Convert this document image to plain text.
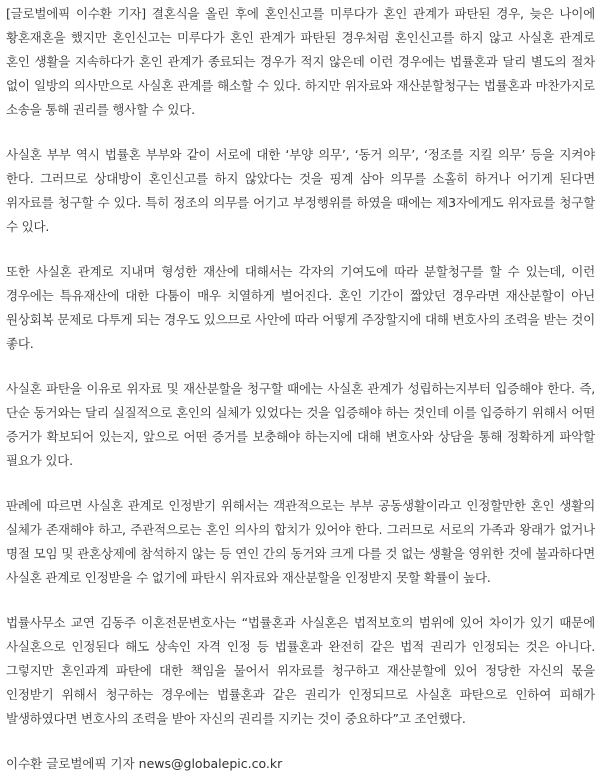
[글로벌에픽 이수환 기자] 결혼식을 올린 후에 혼인신고를 미루다가 혼인 관계가 파탄된 경우, 늦은 나이에 황혼재혼을 했지만 혼인신고는 미루다가 혼인 관계가 파탄된 경우처럼 혼인신고를 하지 않고 사실혼 관계로 혼인 생활을 지속하다가 혼인 관계가 종료되는 경우가 적지 않은데 이런 경우에는 법률혼과 달리 별도의 절차 없이 일방의 의사만으로 사실혼 관계를 해소할 수 있다. 하지만 위자료와 재산분할청구는 법률혼과 마찬가지로 소송을 통해 권리를 행사할 수 있다.

사실혼 부부 역시 법률혼 부부와 같이 서로에 대한 ‘부양 의무’, ‘동거 의무’, ‘정조를 지킬 의무’ 등을 지켜야 한다. 그러므로 상대방이 혼인신고를 하지 않았다는 것을 핑계 삼아 의무를 소홀히 하거나 어기게 된다면 위자료를 청구할 수 있다. 특히 정조의 의무를 어기고 부정행위를 하였을 때에는 제3자에게도 위자료를 청구할 수 있다.

또한 사실혼 관계로 지내며 형성한 재산에 대해서는 각자의 기여도에 따라 분할청구를 할 수 있는데, 이런 경우에는 특유재산에 대한 다툼이 매우 치열하게 벌어진다. 혼인 기간이 짧았던 경우라면 재산분할이 아닌 원상회복 문제로 다투게 되는 경우도 있으므로 사안에 따라 어떻게 주장할지에 대해 변호사의 조력을 받는 것이 좋다.

사실혼 파탄을 이유로 위자료 및 재산분할을 청구할 때에는 사실혼 관계가 성립하는지부터 입증해야 한다. 즉, 단순 동거와는 달리 실질적으로 혼인의 실체가 있었다는 것을 입증해야 하는 것인데 이를 입증하기 위해서 어떤 증거가 확보되어 있는지, 앞으로 어떤 증거를 보충해야 하는지에 대해 변호사와 상담을 통해 정확하게 파악할 필요가 있다.

판례에 따르면 사실혼 관계로 인정받기 위해서는 객관적으로는 부부 공동생활이라고 인정할만한 혼인 생활의 실체가 존재해야 하고, 주관적으로는 혼인 의사의 합치가 있어야 한다. 그러므로 서로의 가족과 왕래가 없거나 명절 모임 및 관혼상제에 참석하지 않는 등 연인 간의 동거와 크게 다를 것 없는 생활을 영위한 것에 불과하다면 사실혼 관계로 인정받을 수 없기에 파탄시 위자료와 재산분할을 인정받지 못할 확률이 높다.

법률사무소 교연 김동주 이혼전문변호사는 “법률혼과 사실혼은 법적보호의 범위에 있어 차이가 있기 때문에 사실혼으로 인정된다 해도 상속인 자격 인정 등 법률혼과 완전히 같은 법적 권리가 인정되는 것은 아니다. 그렇지만 혼인과계 파탄에 대한 책임을 물어서 위자료를 청구하고 재산분할에 있어 정당한 자신의 몫을 인정받기 위해서 청구하는 경우에는 법률혼과 같은 권리가 인정되므로 사실혼 파탄으로 인하여 피해가 발생하였다면 변호사의 조력을 받아 자신의 권리를 지키는 것이 중요하다”고 조언했다.

이수환 글로벌에픽 기자 news@globalepic.co.kr
